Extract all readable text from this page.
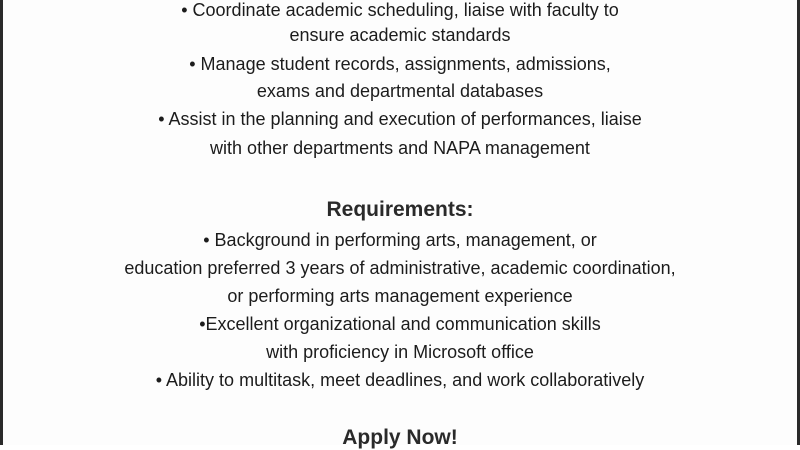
• Coordinate academic scheduling, liaise with faculty to
ensure academic standards
• Manage student records, assignments, admissions,
exams and departmental databases
• Assist in the planning and execution of performances, liaise
with other departments and NAPA management
Requirements:
• Background in performing arts, management, or
education preferred 3 years of administrative, academic coordination,
or performing arts management experience
•Excellent organizational and communication skills
with proficiency in Microsoft office
• Ability to multitask, meet deadlines, and work collaboratively
Apply Now!
